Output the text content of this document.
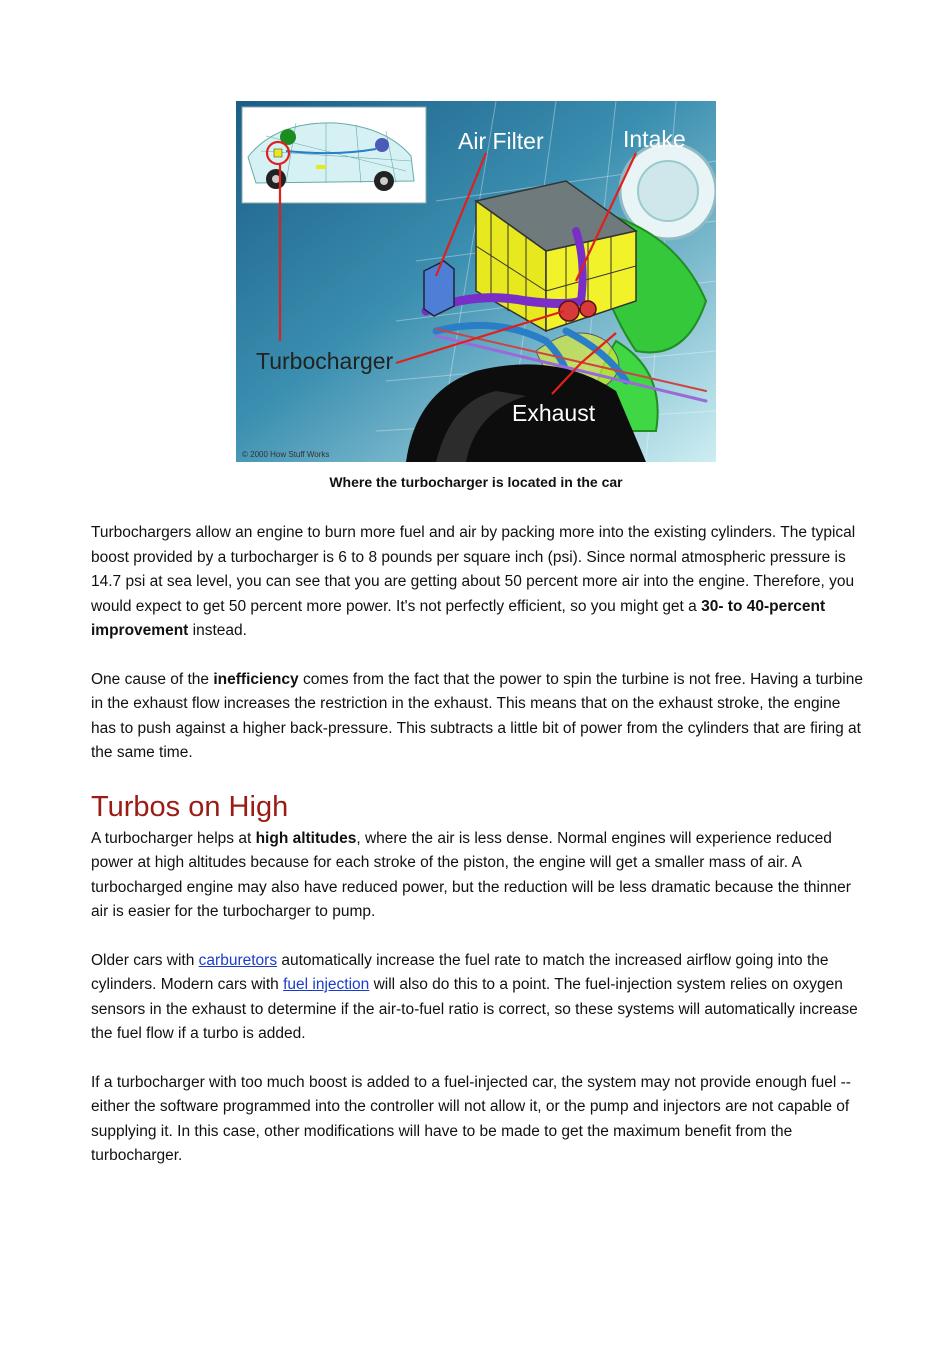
Air Filter	Intake
Exhaust
Turbocharger
© 2000 How Stuff Works
Where the turbocharger is located in the car

Turbochargers allow an engine to burn more fuel and air by packing more into the existing cylinders. The typical boost provided by a turbocharger is 6 to 8 pounds per square inch (psi). Since normal atmospheric pressure is 14.7 psi at sea level, you can see that you are getting about 50 percent more air into the engine. Therefore, you would expect to get 50 percent more power. It's not perfectly efficient, so you might get a 30- to 40-percent improvement instead.

One cause of the inefficiency comes from the fact that the power to spin the turbine is not free. Having a turbine in the exhaust flow increases the restriction in the exhaust. This means that on the exhaust stroke, the engine has to push against a higher back-pressure. This subtracts a little bit of power from the cylinders that are firing at the same time.

Turbos on High

A turbocharger helps at high altitudes, where the air is less dense. Normal engines will experience reduced power at high altitudes because for each stroke of the piston, the engine will get a smaller mass of air. A turbocharged engine may also have reduced power, but the reduction will be less dramatic because the thinner air is easier for the turbocharger to pump.

Older cars with carburetors automatically increase the fuel rate to match the increased airflow going into the cylinders. Modern cars with fuel injection will also do this to a point. The fuel-injection system relies on oxygen sensors in the exhaust to determine if the air-to-fuel ratio is correct, so these systems will automatically increase the fuel flow if a turbo is added.

If a turbocharger with too much boost is added to a fuel-injected car, the system may not provide enough fuel -- either the software programmed into the controller will not allow it, or the pump and injectors are not capable of supplying it. In this case, other modifications will have to be made to get the maximum benefit from the turbocharger.
